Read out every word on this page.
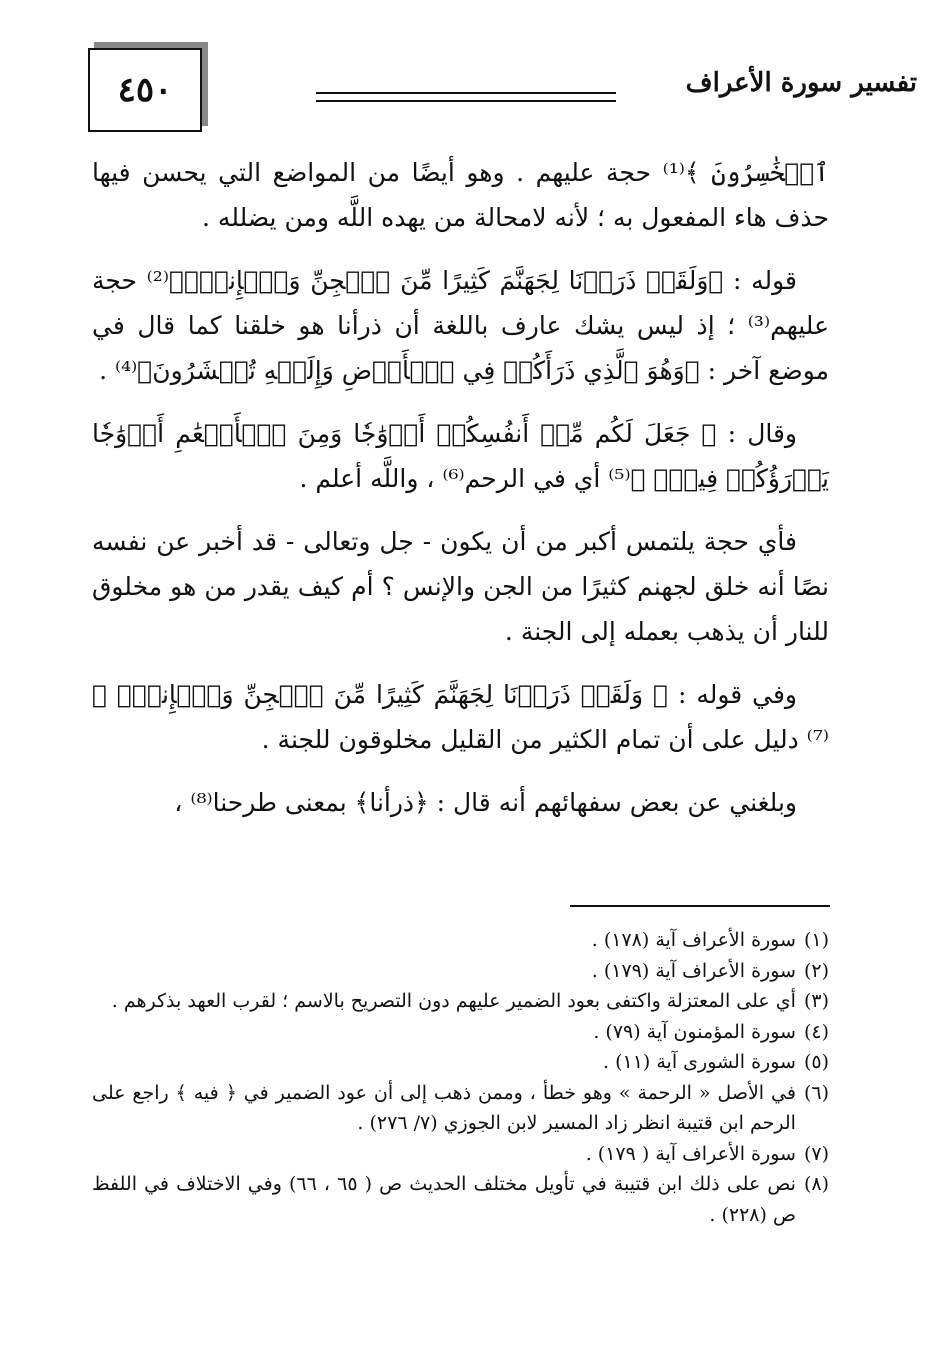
٤٥٠	تفسير سورة الأعراف

ٱلۡخَٰسِرُونَ ﴾⁽¹⁾ حجة عليهم . وهو أيضًا من المواضع التي يحسن فيها حذف هاء المفعول به ؛ لأنه لامحالة من يهده اللَّه ومن يضلله .

قوله : ﴿وَلَقَدۡ ذَرَأۡنَا لِجَهَنَّمَ كَثِيرًا مِّنَ ٱلۡجِنِّ وَٱلۡإِنسِۖ﴾⁽²⁾ حجة عليهم⁽³⁾ ؛ إذ ليس يشك عارف باللغة أن ذرأنا هو خلقنا كما قال في موضع آخر : ﴿وَهُوَ ٱلَّذِي ذَرَأَكُمۡ فِي ٱلۡأَرۡضِ وَإِلَيۡهِ تُحۡشَرُونَ﴾⁽⁴⁾ .

وقال : ﴿ جَعَلَ لَكُم مِّنۡ أَنفُسِكُمۡ أَزۡوَٰجٗا وَمِنَ ٱلۡأَنۡعَٰمِ أَزۡوَٰجٗا يَذۡرَؤُكُمۡ فِيهِۚ ﴾⁽⁵⁾ أي في الرحم⁽⁶⁾ ، واللَّه أعلم .

فأي حجة يلتمس أكبر من أن يكون - جل وتعالى - قد أخبر عن نفسه نصًا أنه خلق لجهنم كثيرًا من الجن والإنس ؟ أم كيف يقدر من هو مخلوق للنار أن يذهب بعمله إلى الجنة .

وفي قوله : ﴿ وَلَقَدۡ ذَرَأۡنَا لِجَهَنَّمَ كَثِيرًا مِّنَ ٱلۡجِنِّ وَٱلۡإِنسِۖ ﴾⁽⁷⁾ دليل على أن تمام الكثير من القليل مخلوقون للجنة .

وبلغني عن بعض سفهائهم أنه قال : ﴿ذرأنا﴾ بمعنى طرحنا⁽⁸⁾ ،

(١)
سورة الأعراف آية (١٧٨) .
(٢)
سورة الأعراف آية (١٧٩) .
(٣)
أي على المعتزلة واكتفى بعود الضمير عليهم دون التصريح بالاسم ؛ لقرب العهد بذكرهم .
(٤)
سورة المؤمنون آية (٧٩) .
(٥)
سورة الشورى آية (١١) .
(٦)
في الأصل « الرحمة » وهو خطأ ، وممن ذهب إلى أن عود الضمير في ﴿ فيه ﴾ راجع على الرحم ابن قتيبة انظر زاد المسير لابن الجوزي (٧/ ٢٧٦) .
(٧)
سورة الأعراف آية ( ١٧٩) .
(٨)
نص على ذلك ابن قتيبة في تأويل مختلف الحديث ص ( ٦٥ ، ٦٦) وفي الاختلاف في اللفظ ص (٢٢٨) .
